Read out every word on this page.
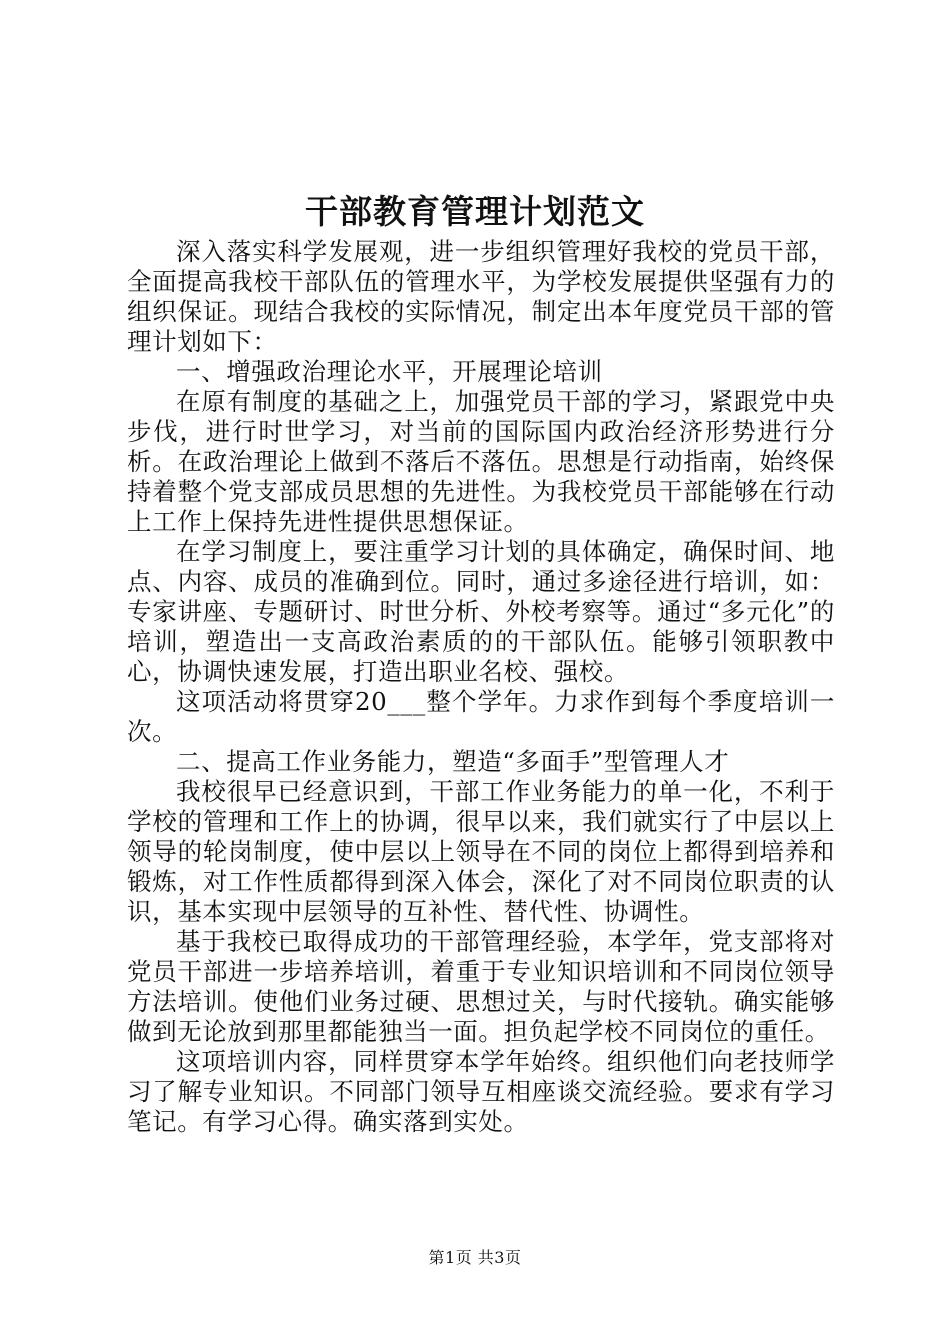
干部教育管理计划范文

深入落实科学发展观，进一步组织管理好我校的党员干部，全面提高我校干部队伍的管理水平，为学校发展提供坚强有力的组织保证。现结合我校的实际情况，制定出本年度党员干部的管理计划如下：

一、增强政治理论水平，开展理论培训

在原有制度的基础之上，加强党员干部的学习，紧跟党中央步伐，进行时世学习，对当前的国际国内政治经济形势进行分析。在政治理论上做到不落后不落伍。思想是行动指南，始终保持着整个党支部成员思想的先进性。为我校党员干部能够在行动上工作上保持先进性提供思想保证。

在学习制度上，要注重学习计划的具体确定，确保时间、地点、内容、成员的准确到位。同时，通过多途径进行培训，如：专家讲座、专题研讨、时世分析、外校考察等。通过“多元化”的培训，塑造出一支高政治素质的的干部队伍。能够引领职教中心，协调快速发展，打造出职业名校、强校。

这项活动将贯穿20___整个学年。力求作到每个季度培训一次。

二、提高工作业务能力，塑造“多面手”型管理人才

我校很早已经意识到，干部工作业务能力的单一化，不利于学校的管理和工作上的协调，很早以来，我们就实行了中层以上领导的轮岗制度，使中层以上领导在不同的岗位上都得到培养和锻炼，对工作性质都得到深入体会，深化了对不同岗位职责的认识，基本实现中层领导的互补性、替代性、协调性。

基于我校已取得成功的干部管理经验，本学年，党支部将对党员干部进一步培养培训，着重于专业知识培训和不同岗位领导方法培训。使他们业务过硬、思想过关，与时代接轨。确实能够做到无论放到那里都能独当一面。担负起学校不同岗位的重任。

这项培训内容，同样贯穿本学年始终。组织他们向老技师学习了解专业知识。不同部门领导互相座谈交流经验。要求有学习笔记。有学习心得。确实落到实处。

第1页 共3页
